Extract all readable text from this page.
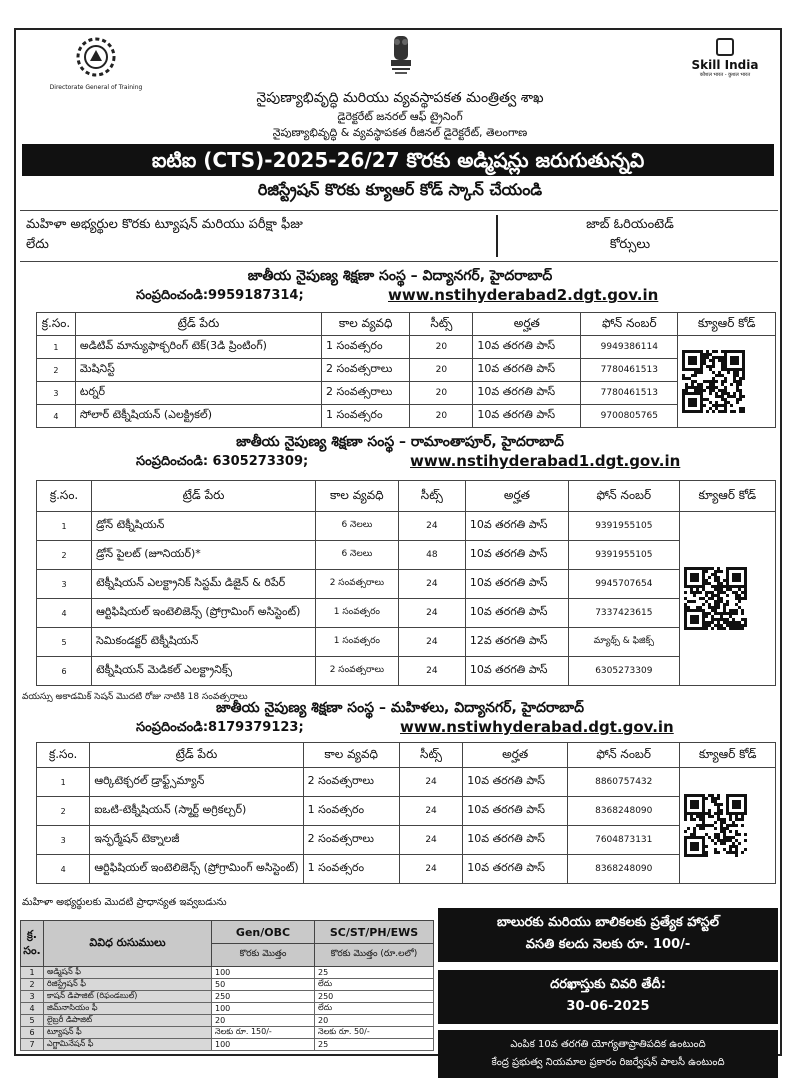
Directorate General of Training
Skill India
कौशल भारत - कुशल भारत
నైపుణ్యాభివృద్ధి మరియు వ్యవస్థాపకత మంత్రిత్వ శాఖ
డైరెక్టరేట్ జనరల్ ఆఫ్ ట్రైనింగ్
నైపుణ్యాభివృద్ధి & వ్యవస్థాపకత రీజినల్ డైరెక్టరేట్, తెలంగాణ
ఐటిఐ (CTS)-2025-26/27 కొరకు అడ్మిషన్లు జరుగుతున్నవి
రిజిస్ట్రేషన్ కొరకు క్యూఆర్ కోడ్ స్కాన్ చేయండి
మహిళా అభ్యర్థుల కొరకు ట్యూషన్ మరియు పరీక్షా ఫీజు
లేదు
జాబ్ ఓరియంటెడ్
కోర్సులు
జాతీయ నైపుణ్య శిక్షణా సంస్థ – విద్యానగర్, హైదరాబాద్
సంప్రదించండి:9959187314;	www.nstihyderabad2.dgt.gov.in
క్ర.సం.	ట్రేడ్ పేరు	కాల వ్యవధి	సీట్స్	అర్హత	ఫోన్ నంబర్	క్యూఆర్ కోడ్
1	అడిటివ్ మాన్యుఫాక్చరింగ్ టెక్(3డి ప్రింటింగ్)	1 సంవత్సరం	20	10వ తరగతి పాస్	9949386114	

2	మెషినిస్ట్	2 సంవత్సరాలు	20	10వ తరగతి పాస్	7780461513	
3	టర్నర్	2 సంవత్సరాలు	20	10వ తరగతి పాస్	7780461513	
4	సోలార్ టెక్నీషియన్ (ఎలక్ట్రికల్)	1 సంవత్సరం	20	10వ తరగతి పాస్	9700805765	
జాతీయ నైపుణ్య శిక్షణా సంస్థ – రామాంతాపూర్, హైదరాబాద్
సంప్రదించండి: 6305273309;	www.nstihyderabad1.dgt.gov.in
క్ర.సం.	ట్రేడ్ పేరు	కాల వ్యవధి	సీట్స్	అర్హత	ఫోన్ నంబర్	క్యూఆర్ కోడ్
1	డ్రోన్ టెక్నీషియన్	6 నెలలు	24	10వ తరగతి పాస్	9391955105	

2	డ్రోన్ పైలట్ (జూనియర్)*	6 నెలలు	48	10వ తరగతి పాస్	9391955105	
3	టెక్నీషియన్ ఎలక్ట్రానిక్ సిస్టమ్ డిజైన్ & రిపేర్	2 సంవత్సరాలు	24	10వ తరగతి పాస్	9945707654	
4	ఆర్టిఫిషియల్ ఇంటెలిజెన్స్ (ప్రోగ్రామింగ్ అసిస్టెంట్)	1 సంవత్సరం	24	10వ తరగతి పాస్	7337423615	
5	సెమికండక్టర్ టెక్నీషియన్	1 సంవత్సరం	24	12వ తరగతి పాస్	మ్యాథ్స్ & ఫిజిక్స్	
6	టెక్నీషియన్ మెడికల్ ఎలక్ట్రానిక్స్	2 సంవత్సరాలు	24	10వ తరగతి పాస్	6305273309	
వయస్సు అకాడమిక్ సెషన్ మొదటి రోజు నాటికి 18 సంవత్సరాలు
జాతీయ నైపుణ్య శిక్షణా సంస్థ – మహిళలు, విద్యానగర్, హైదరాబాద్
సంప్రదించండి:8179379123;	www.nstiwhyderabad.dgt.gov.in
క్ర.సం.	ట్రేడ్ పేరు	కాల వ్యవధి	సీట్స్	అర్హత	ఫోన్ నంబర్	క్యూఆర్ కోడ్
1	ఆర్కిటెక్చరల్ డ్రాఫ్ట్స్‌మ్యాన్	2 సంవత్సరాలు	24	10వ తరగతి పాస్	8860757432	

2	ఐఒటి-టెక్నీషియన్ (స్మార్ట్ అగ్రికల్చర్)	1 సంవత్సరం	24	10వ తరగతి పాస్	8368248090	
3	ఇన్ఫర్మేషన్ టెక్నాలజీ	2 సంవత్సరాలు	24	10వ తరగతి పాస్	7604873131	
4	ఆర్టిఫిషియల్ ఇంటెలిజెన్స్ (ప్రోగ్రామింగ్ అసిస్టెంట్)	1 సంవత్సరం	24	10వ తరగతి పాస్	8368248090	
మహిళా అభ్యర్థులకు మొదటి ప్రాధాన్యత ఇవ్వబడును
క్ర. సం.	వివిధ రుసుములు	Gen/OBC	SC/ST/PH/EWS
		కొరకు మొత్తం	కొరకు మొత్తం (రూ.లలో)
1	అడ్మిషన్ ఫీ	100	25
2	రిజిస్ట్రేషన్ ఫీ	50	లేదు
3	కాషన్ డిపాజిట్ (రిఫండబుల్)	250	250
4	జిమ్‌నాసియం ఫీ	100	లేదు
5	లైబ్రరీ డిపాజిట్	20	20
6	ట్యూషన్ ఫీ	నెలకు రూ. 150/-	నెలకు రూ. 50/-
7	ఎగ్జామినేషన్ ఫీ	100	25
బాలురకు మరియు బాలికలకు ప్రత్యేక హాస్టల్
వసతి కలదు నెలకు రూ. 100/-
దరఖాస్తుకు చివరి తేదీ:
30-06-2025
ఎంపిక 10వ తరగతి యోగ్యతాప్రాతిపదిక ఉంటుంది
కేంద్ర ప్రభుత్వ నియమాల ప్రకారం రిజర్వేషన్ పాలసీ ఉంటుంది
